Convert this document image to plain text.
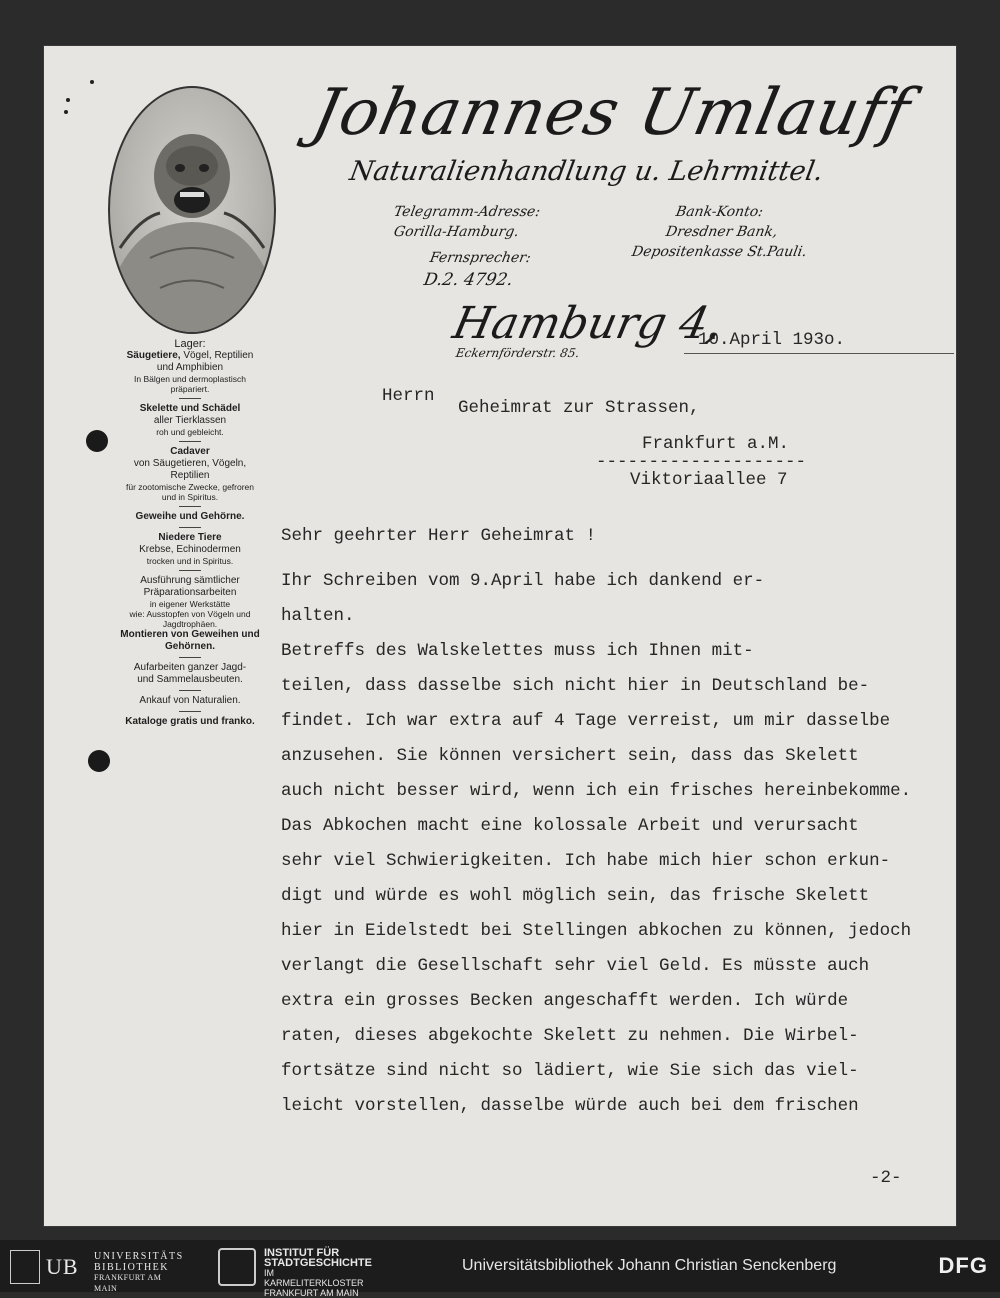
Johannes Umlauff
Naturalienhandlung u. Lehrmittel.
Telegramm-Adresse:
Gorilla-Hamburg.
Fernsprecher:
D.2. 4792.
Bank-Konto:
Dresdner Bank,
Depositenkasse St.Pauli.
Hamburg 4,
Eckernförderstr. 85.
10.April 193o.
Lager:
Säugetiere, Vögel, Reptilien
und Amphibien
In Bälgen und dermoplastisch
präpariert.
Skelette und Schädel
aller Tierklassen
roh und gebleicht.
Cadaver
von Säugetieren, Vögeln,
Reptilien
für zootomische Zwecke, gefroren
und in Spiritus.
Geweihe und Gehörne.
Niedere Tiere
Krebse, Echinodermen
trocken und in Spiritus.
Ausführung sämtlicher
Präparationsarbeiten
in eigener Werkstätte
wie: Ausstopfen von Vögeln und
Jagdtrophäen.
Montieren von Geweihen und
Gehörnen.
Aufarbeiten ganzer Jagd-
und Sammelausbeuten.
Ankauf von Naturalien.
Kataloge gratis und franko.
Herrn
Geheimrat zur Strassen,
Frankfurt a.M.
--------------------
Viktoriaallee 7
Sehr geehrter Herr Geheimrat !
Ihr Schreiben vom 9.April habe ich dankend er-
halten.
Betreffs des Walskelettes muss ich Ihnen mit-
teilen, dass dasselbe sich nicht hier in Deutschland be-
findet. Ich war extra auf 4 Tage verreist, um mir dasselbe
anzusehen. Sie können versichert sein, dass das Skelett
auch nicht besser wird, wenn ich ein frisches hereinbekomme.
Das Abkochen macht eine kolossale Arbeit und verursacht
sehr viel Schwierigkeiten. Ich habe mich hier schon erkun-
digt und würde es wohl möglich sein, das frische Skelett
hier in Eidelstedt bei Stellingen abkochen zu können, jedoch
verlangt die Gesellschaft sehr viel Geld. Es müsste auch
extra ein grosses Becken angeschafft werden. Ich würde
raten, dieses abgekochte Skelett zu nehmen. Die Wirbel-
fortsätze sind nicht so lädiert, wie Sie sich das viel-
leicht vorstellen, dasselbe würde auch bei dem frischen
-2-
UB UNIVERSITÄTS
BIBLIOTHEK
FRANKFURT AM MAIN
INSTITUT FÜR
STADTGESCHICHTE
IM KARMELITERKLOSTER
FRANKFURT AM MAIN
Universitätsbibliothek Johann Christian Senckenberg	DFG
